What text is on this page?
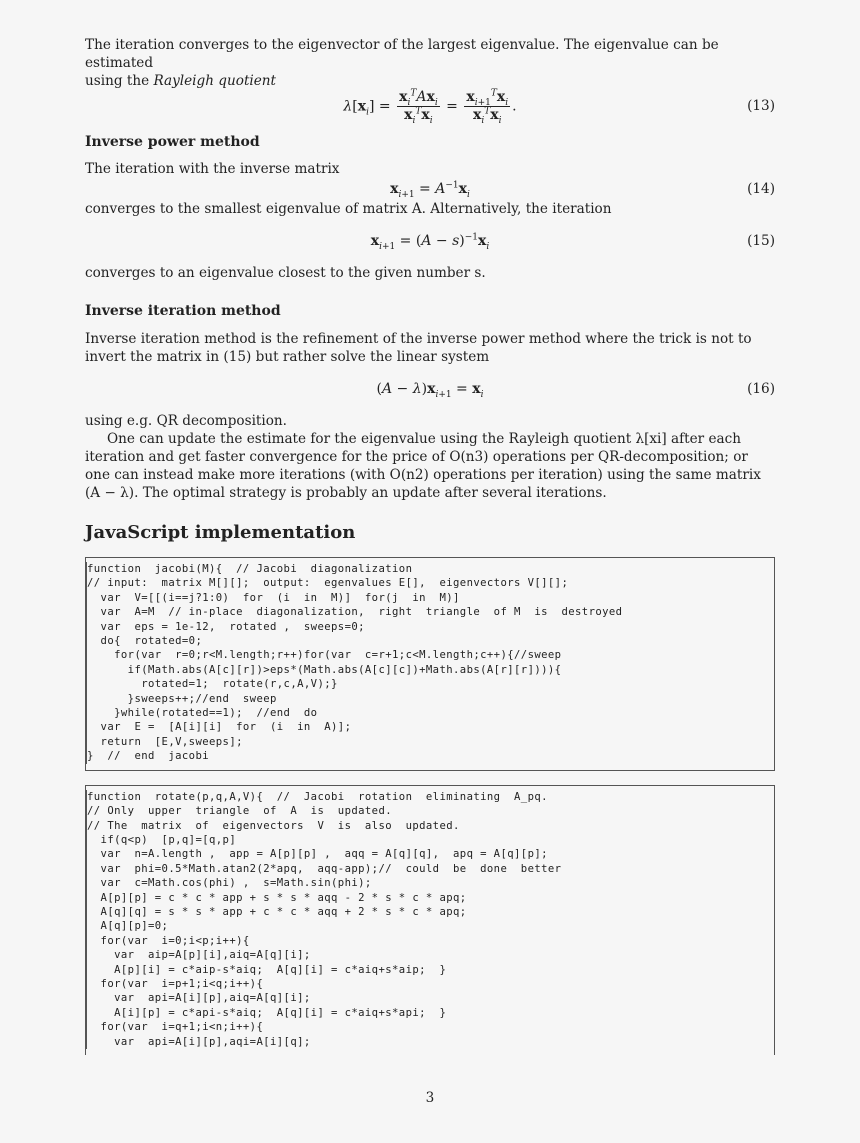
The iteration converges to the eigenvector of the largest eigenvalue. The eigenvalue can be estimated

using the Rayleigh quotient

$\lambda[x_i] = \frac{x_i^TAx_i}{x_i^Tx_i} = \frac{x_{i+1}^Tx_i}{x_i^Tx_i}$ .	(13)
Inverse power method

The iteration with the inverse matrix

$x_{i+1} = A^{-1}x_i$	(14)

converges to the smallest eigenvalue of matrix A. Alternatively, the iteration

$x_{i+1} = (A - s)^{-1}x_i$	(15)

converges to an eigenvalue closest to the given number s.

Inverse iteration method

Inverse iteration method is the refinement of the inverse power method where the trick is not to invert the matrix in (15) but rather solve the linear system

$(A - \lambda)x_{i+1} = x_i$	(16)

using e.g. QR decomposition.

One can update the estimate for the eigenvalue using the Rayleigh quotient λ[xi] after each iteration and get faster convergence for the price of O(n3) operations per QR-decomposition; or one can instead make more iterations (with O(n2) operations per iteration) using the same matrix (A − λ). The optimal strategy is probably an update after several iterations.

JavaScript implementation
function  jacobi(M){  // Jacobi  diagonalization
// input:  matrix M[][];  output:  egenvalues E[],  eigenvectors V[][];
var  V=[[(i==j?1:0)  for  (i  in  M)]  for(j  in  M)]
var  A=M  // in-place  diagonalization,  right  triangle  of M  is  destroyed
var  eps = 1e-12,  rotated ,  sweeps=0;
do{  rotated=0;
for(var  r=0;r<M.length;r++)for(var  c=r+1;c<M.length;c++){//sweep
if(Math.abs(A[c][r])>eps*(Math.abs(A[c][c])+Math.abs(A[r][r]))){
rotated=1;  rotate(r,c,A,V);}
}sweeps++;//end  sweep
}while(rotated==1);  //end  do
var  E =  [A[i][i]  for  (i  in  A)];
return  [E,V,sweeps];
}  //  end  jacobi
function  rotate(p,q,A,V){  //  Jacobi  rotation  eliminating  A_pq.
// Only  upper  triangle  of  A  is  updated.
// The  matrix  of  eigenvectors  V  is  also  updated.
if(q<p)  [p,q]=[q,p]
var  n=A.length ,  app = A[p][p] ,  aqq = A[q][q],  apq = A[q][p];
var  phi=0.5*Math.atan2(2*apq,  aqq-app);//  could  be  done  better
var  c=Math.cos(phi) ,  s=Math.sin(phi);
A[p][p] = c * c * app + s * s * aqq - 2 * s * c * apq;
A[q][q] = s * s * app + c * c * aqq + 2 * s * c * apq;
A[q][p]=0;
for(var  i=0;i<p;i++){
var  aip=A[p][i],aiq=A[q][i];
A[p][i] = c*aip-s*aiq;  A[q][i] = c*aiq+s*aip;  }
for(var  i=p+1;i<q;i++){
var  api=A[i][p],aiq=A[q][i];
A[i][p] = c*api-s*aiq;  A[q][i] = c*aiq+s*api;  }
for(var  i=q+1;i<n;i++){
var  api=A[i][p],aqi=A[i][q];
3
